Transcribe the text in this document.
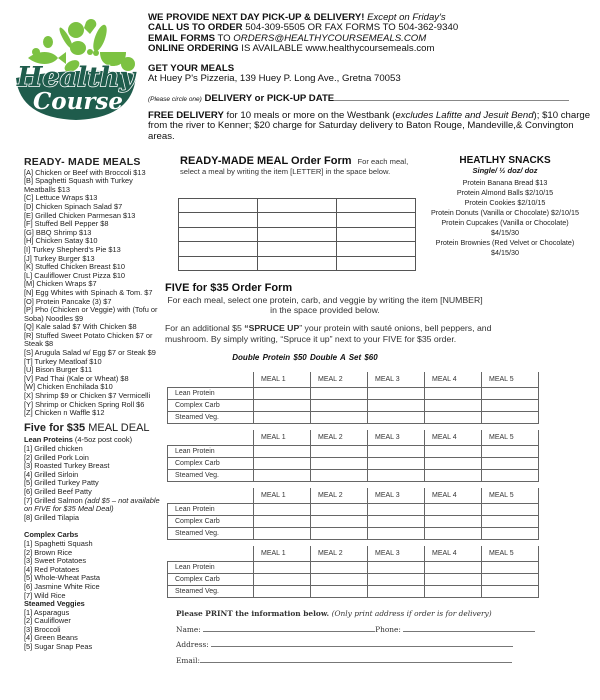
Healthy
Course
WE PROVIDE NEXT DAY PICK-UP & DELIVERY! Except on Friday's
CALL US TO ORDER 504-309-5505 OR FAX FORMS TO 504-362-9340
EMAIL FORMS TO ORDERS@HEALTHYCOURSEMEALS.COM
ONLINE ORDERING IS AVAILABLE www.healthycoursemeals.com
GET YOUR MEALS
At Huey P's Pizzeria, 139 Huey P. Long Ave., Gretna 70053
(Please circle one) DELIVERY or PICK-UP DATE
FREE DELIVERY for 10 meals or more on the Westbank (excludes Lafitte and Jesuit Bend); $10 charge from the river to Kenner; $20 charge for Saturday delivery to Baton Rouge, Mandeville,& Convington areas.
READY- MADE MEALS
[A] Chicken or Beef with Broccoli $13
[B] Spaghetti Squash with Turkey Meatballs $13
[C] Lettuce Wraps $13
[D] Chicken Spinach Salad $7
[E] Grilled Chicken Parmesan $13
[F] Stuffed Bell Pepper $8
[G] BBQ Shrimp $13
[H] Chicken Satay $10
[I] Turkey Shepherd's Pie $13
[J] Turkey Burger $13
[K] Stuffed Chicken Breast $10
[L] Cauliflower Crust Pizza $10
[M] Chicken Wraps $7
[N] Egg Whites with Spinach & Tom. $7
[O] Protein Pancake (3) $7
[P] Pho (Chicken or Veggie) with (Tofu or Soba) Noodles $9
[Q] Kale salad $7 With Chicken $8
[R] Stuffed Sweet Potato Chicken $7 or Steak $8
[S] Arugula Salad w/ Egg $7 or Steak $9
[T] Turkey Meatloaf $10
[U] Bison Burger $11
[V] Pad Thai (Kale or Wheat) $8
[W] Chicken Enchilada $10
[X] Shrimp $9 or Chicken $7 Vermicelli
[Y] Shrimp or Chicken Spring Roll $6
[Z] Chicken n Waffle $12
Five for $35 MEAL DEAL
Lean Proteins (4-5oz post cook)
[1] Grilled chicken
[2] Grilled Pork Loin
[3] Roasted Turkey Breast
[4] Grilled Sirloin
[5] Grilled Turkey Patty
[6] Grilled Beef Patty
[7] Grilled Salmon (add $5 – not available on FIVE for $35 Meal Deal)
[8] Grilled Tilapia
Complex Carbs
[1] Spaghetti Squash
[2] Brown Rice
[3] Sweet Potatoes
[4] Red Potatoes
[5] Whole-Wheat Pasta
[6] Jasmine White Rice
[7] Wild Rice
Steamed Veggies
[1] Asparagus
[2] Cauliflower
[3] Broccoli
[4] Green Beans
[5] Sugar Snap Peas
READY-MADE MEAL Order Form For each meal, select a meal by writing the item [LETTER] in the space below.

HEATLHY SNACKS
Single/ ½ doz/ doz
Protein Banana Bread $13
Protein Almond Balls $2/10/15
Protein Cookies $2/10/15
Protein Donuts (Vanilla or Chocolate) $2/10/15
Protein Cupcakes (Vanilla or Chocolate) $4/15/30
Protein Brownies (Red Velvet or Chocolate) $4/15/30
FIVE for $35 Order Form
For each meal, select one protein, carb, and veggie by writing the item [NUMBER] in the space provided below.
For an additional $5 “SPRUCE UP” your protein with sauté onions, bell peppers, and mushroom. By simply writing, “Spruce it up” next to your FIVE for $35 order.
Double Protein $50 Double A Set $60
	MEAL 1	MEAL 2	MEAL 3	MEAL 4	MEAL 5
Lean Protein					
Complex Carb					
Steamed Veg.					
	MEAL 1	MEAL 2	MEAL 3	MEAL 4	MEAL 5
Lean Protein					
Complex Carb					
Steamed Veg.					
	MEAL 1	MEAL 2	MEAL 3	MEAL 4	MEAL 5
Lean Protein					
Complex Carb					
Steamed Veg.					
	MEAL 1	MEAL 2	MEAL 3	MEAL 4	MEAL 5
Lean Protein					
Complex Carb					
Steamed Veg.					
Please PRINT the information below. (Only print address if order is for delivery)
Name:	Phone:
Address:
Email:
